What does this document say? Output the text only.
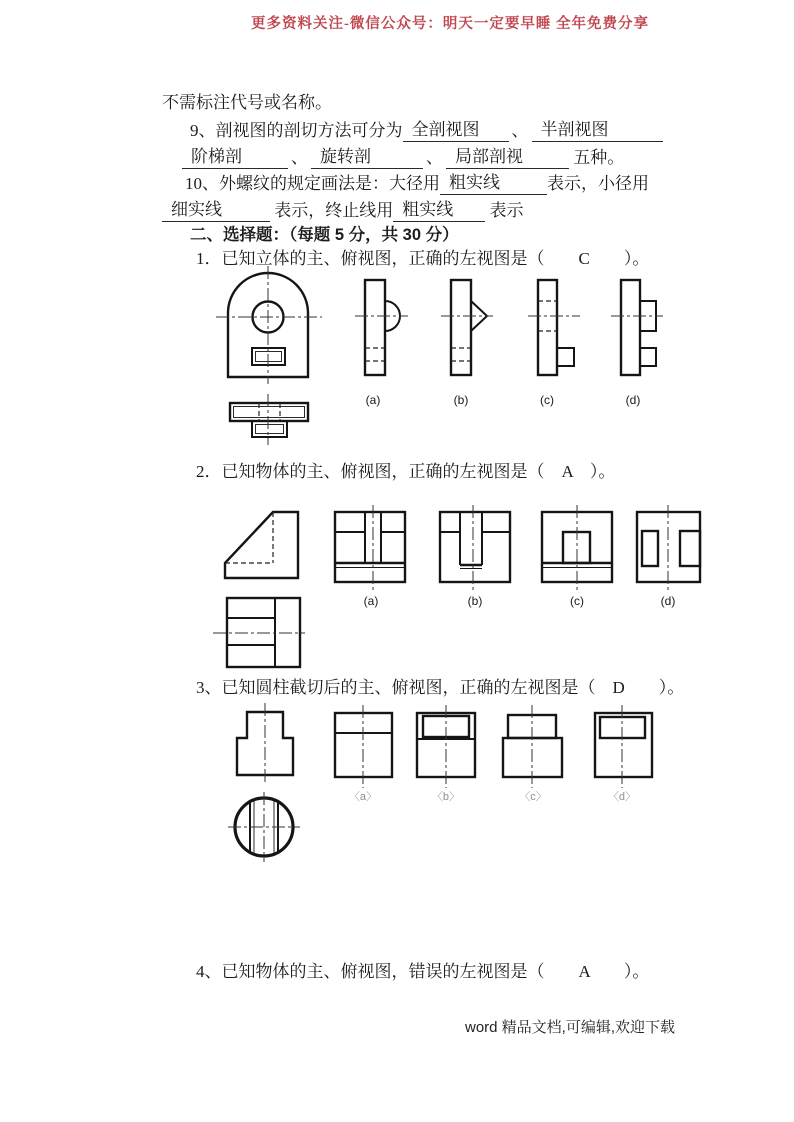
更多资料关注-微信公众号：明天一定要早睡 全年免费分享

不需标注代号或名称。

9、剖视图的剖切方法可分为 全剖视图 、 半剖视图

阶梯剖	、 旋转剖	、 局部剖视	五种。

10、外螺纹的规定画法是：大径用 粗实线	表示，小径用

细实线	表示，终止线用 粗实线 表示

二、选择题：（每题 5 分，共 30 分）

1．已知立体的主、俯视图，正确的左视图是（　　C　　）。

(a)	(b)	(c)	(d)

2．已知物体的主、俯视图，正确的左视图是（　A　）。

(a)	(b)	(c)	(d)

3、已知圆柱截切后的主、俯视图，正确的左视图是（　D　　）。

〈a〉	〈b〉	〈c〉	〈d〉

4、已知物体的主、俯视图，错误的左视图是（　　A　　）。

word 精品文档,可编辑,欢迎下载
